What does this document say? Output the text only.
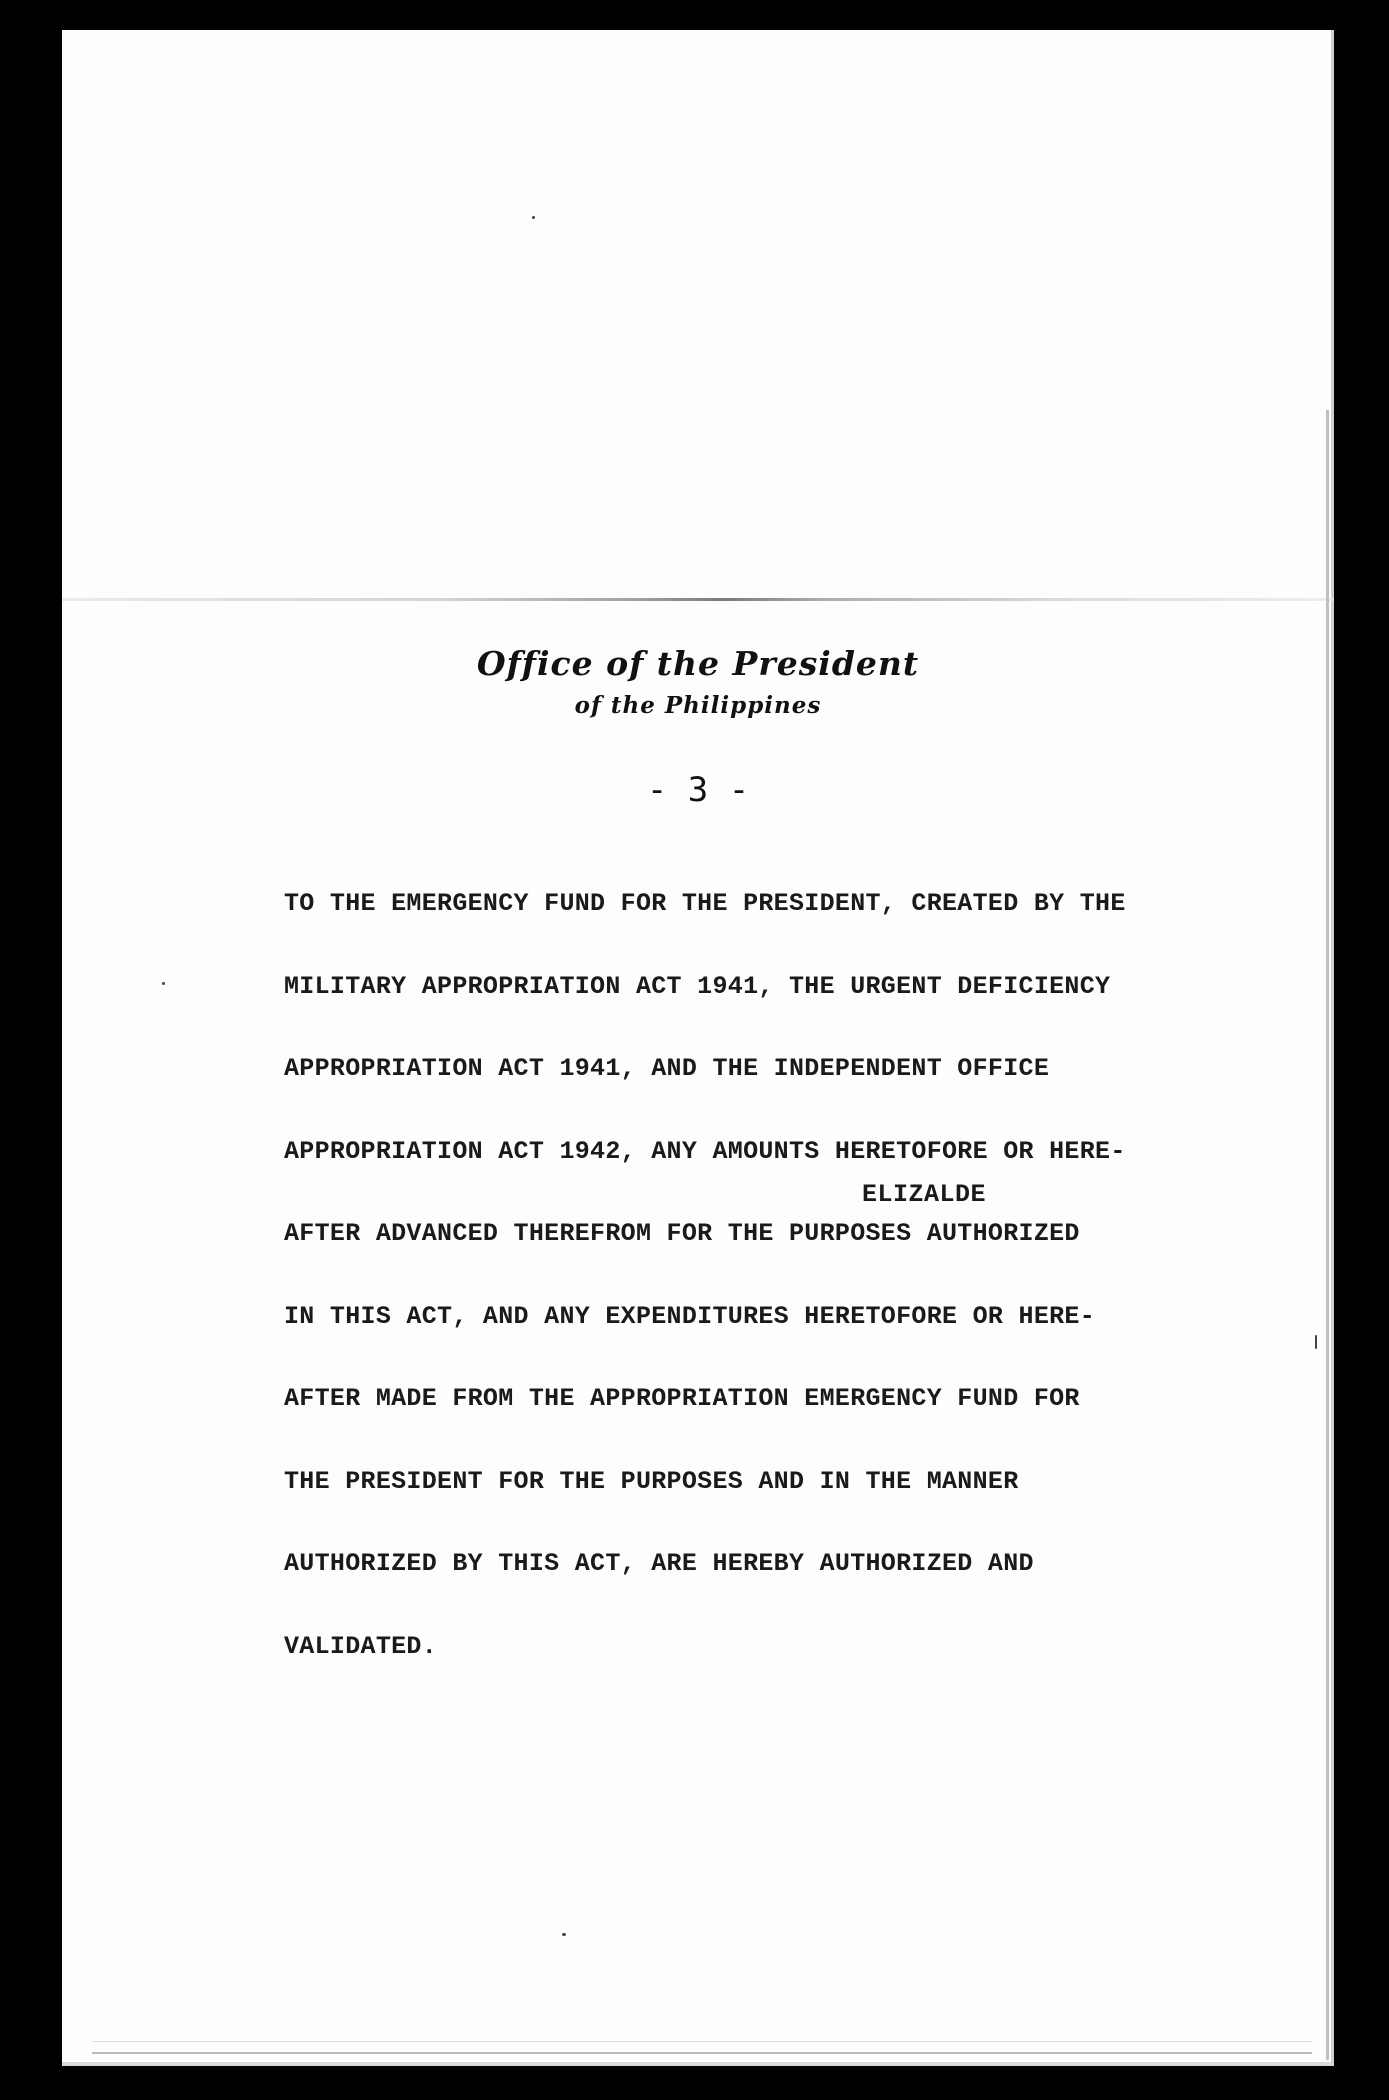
Office of the President
of the Philippines
- 3 -

TO THE EMERGENCY FUND FOR THE PRESIDENT, CREATED BY THE

MILITARY APPROPRIATION ACT 1941, THE URGENT DEFICIENCY

APPROPRIATION ACT 1941, AND THE INDEPENDENT OFFICE

APPROPRIATION ACT 1942, ANY AMOUNTS HERETOFORE OR HERE-

AFTER ADVANCED THEREFROM FOR THE PURPOSES AUTHORIZED

IN THIS ACT, AND ANY EXPENDITURES HERETOFORE OR HERE-

AFTER MADE FROM THE APPROPRIATION EMERGENCY FUND FOR

THE PRESIDENT FOR THE PURPOSES AND IN THE MANNER

AUTHORIZED BY THIS ACT, ARE HEREBY AUTHORIZED AND

VALIDATED.

ELIZALDE
